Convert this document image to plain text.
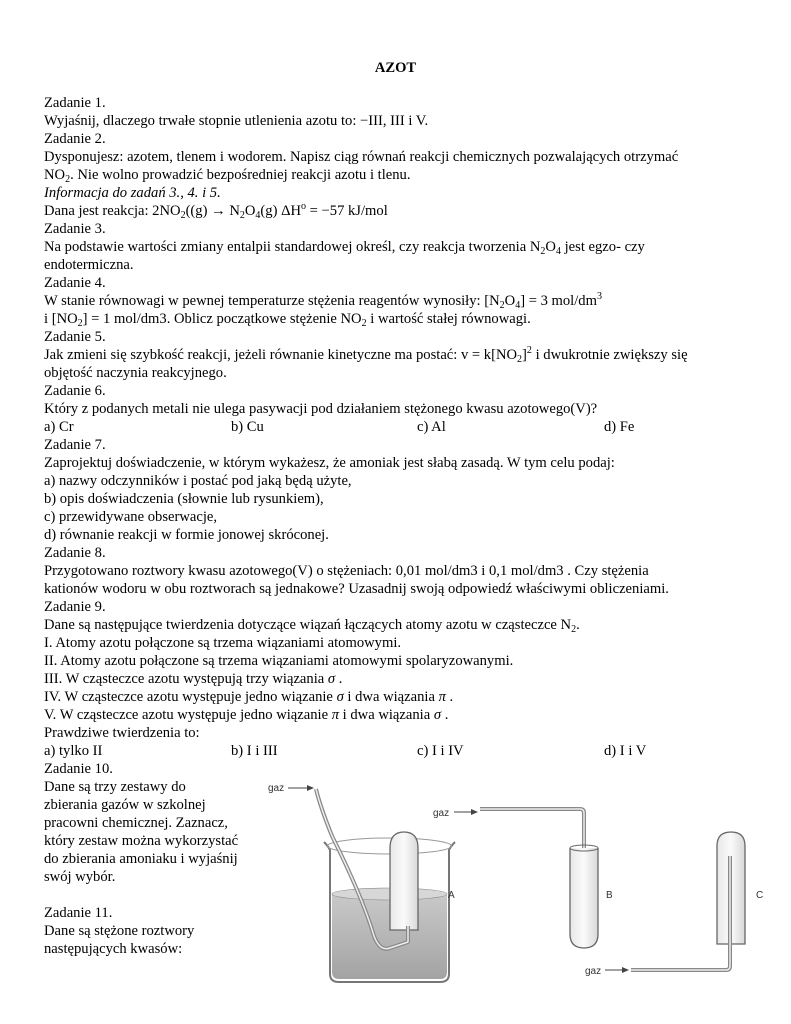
AZOT
Zadanie 1.
Wyjaśnij, dlaczego trwałe stopnie utlenienia azotu to: −III, III i V.
Zadanie 2.
Dysponujesz: azotem, tlenem i wodorem. Napisz ciąg równań reakcji chemicznych pozwalających otrzymać
$NO_2$. Nie wolno prowadzić bezpośredniej reakcji azotu i tlenu.
Informacja do zadań 3., 4. i 5.
Dana jest reakcja: $2NO_2((g) \to N_2O_4(g) \Delta H^o = -57$ kJ/mol
Zadanie 3.
Na podstawie wartości zmiany entalpii standardowej określ, czy reakcja tworzenia $N_2O_4$ jest egzo- czy
endotermiczna.
Zadanie 4.
W stanie równowagi w pewnej temperaturze stężenia reagentów wynosiły: $[N_2O_4] = 3$ mol/$dm^3$
i $[NO_2] = 1$ mol/dm3. Oblicz początkowe stężenie $NO_2$ i wartość stałej równowagi.
Zadanie 5.
Jak zmieni się szybkość reakcji, jeżeli równanie kinetyczne ma postać: $v = k[NO_2]^2$ i dwukrotnie zwiększy się
objętość naczynia reakcyjnego.
Zadanie 6.
Który z podanych metali nie ulega pasywacji pod działaniem stężonego kwasu azotowego(V)?
a) Cr	b) Cu	c) Al	d) Fe
Zadanie 7.
Zaprojektuj doświadczenie, w którym wykażesz, że amoniak jest słabą zasadą. W tym celu podaj:
a) nazwy odczynników i postać pod jaką będą użyte,
b) opis doświadczenia (słownie lub rysunkiem),
c) przewidywane obserwacje,
d) równanie reakcji w formie jonowej skróconej.
Zadanie 8.
Przygotowano roztwory kwasu azotowego(V) o stężeniach: 0,01 mol/dm3 i 0,1 mol/dm3 . Czy stężenia
kationów wodoru w obu roztworach są jednakowe? Uzasadnij swoją odpowiedź właściwymi obliczeniami.
Zadanie 9.
Dane są następujące twierdzenia dotyczące wiązań łączących atomy azotu w cząsteczce $N_2$.
I. Atomy azotu połączone są trzema wiązaniami atomowymi.
II. Atomy azotu połączone są trzema wiązaniami atomowymi spolaryzowanymi.
III. W cząsteczce azotu występują trzy wiązania σ .
IV. W cząsteczce azotu występuje jedno wiązanie σ i dwa wiązania π .
V. W cząsteczce azotu występuje jedno wiązanie π i dwa wiązania σ .
Prawdziwe twierdzenia to:
a) tylko II	b) I i III	c) I i IV	d) I i V
Zadanie 10.
Dane są trzy zestawy do
zbierania gazów w szkolnej
pracowni chemicznej. Zaznacz,
który zestaw można wykorzystać
do zbierania amoniaku i wyjaśnij
swój wybór.
Zadanie 11.
Dane są stężone roztwory
następujących kwasów:
gaz
A
gaz
B
gaz
C
